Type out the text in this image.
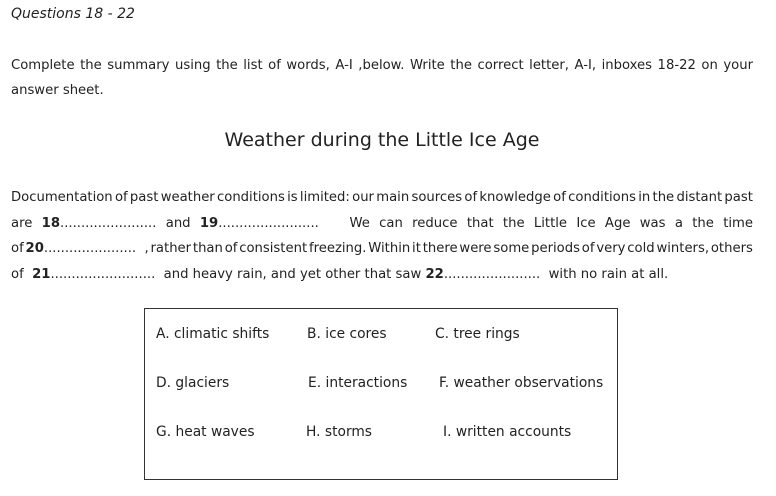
Questions 18 - 22
Complete the summary using the list of words, A-I ,below. Write the correct letter, A-I, inboxes 18-22 on your answer sheet.
Weather during the Little Ice Age
Documentation of past weather conditions is limited: our main sources of knowledge of conditions in the distant past
are 18....................... and 19........................ We can reduce that the Little Ice Age was a the time
of 20......................  , rather than of consistent freezing. Within it there were some periods of very cold winters, others
of
21.........................
and heavy rain, and yet other that saw
22.......................
with no rain at all.
A. climatic shifts	B. ice cores	C. tree rings
D. glaciers	E. interactions F. weather observations
G. heat waves	H. storms	I. written accounts
